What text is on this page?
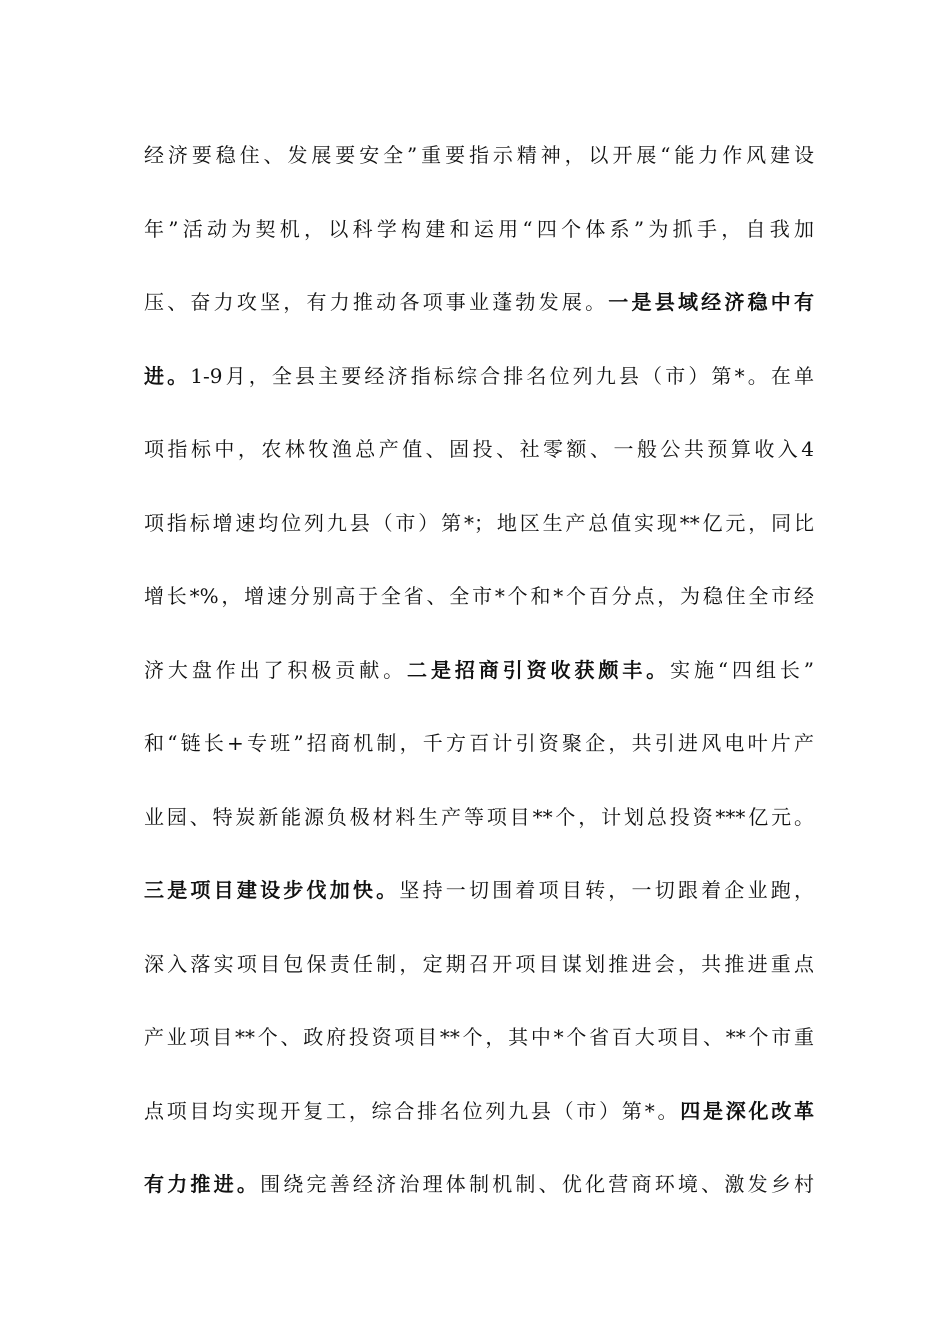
经济要稳住、发展要安全”重要指示精神，以开展“能力作风建设
年”活动为契机，以科学构建和运用“四个体系”为抓手，自我加
压、奋力攻坚，有力推动各项事业蓬勃发展。一是县域经济稳中有
进。1-9月，全县主要经济指标综合排名位列九县（市）第*。在单
项指标中，农林牧渔总产值、固投、社零额、一般公共预算收入4
项指标增速均位列九县（市）第*；地区生产总值实现**亿元，同比
增长*%，增速分别高于全省、全市*个和*个百分点，为稳住全市经
济大盘作出了积极贡献。二是招商引资收获颇丰。实施“四组长”
和“链长+专班”招商机制，千方百计引资聚企，共引进风电叶片产
业园、特炭新能源负极材料生产等项目**个，计划总投资***亿元。
三是项目建设步伐加快。坚持一切围着项目转，一切跟着企业跑，
深入落实项目包保责任制，定期召开项目谋划推进会，共推进重点
产业项目**个、政府投资项目**个，其中*个省百大项目、**个市重
点项目均实现开复工，综合排名位列九县（市）第*。四是深化改革
有力推进。围绕完善经济治理体制机制、优化营商环境、激发乡村
